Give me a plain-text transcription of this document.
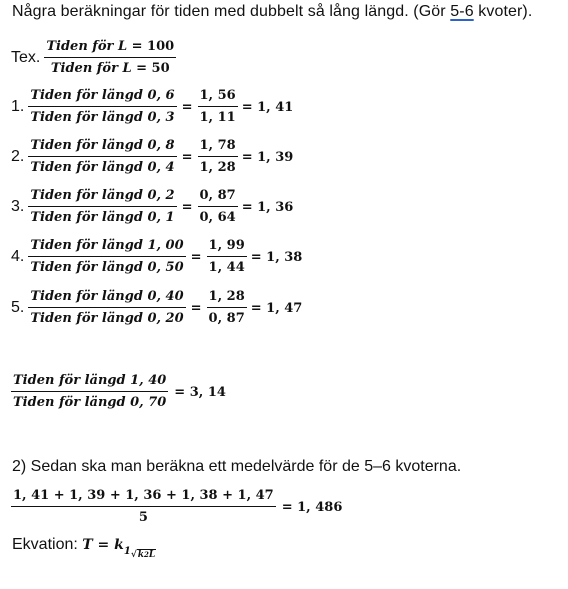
Några beräkningar för tiden med dubbelt så lång längd. (Gör 5-6 kvoter).
Tex. $\frac{\text{Tiden för L = 100}}{\text{Tiden för L = 50}}$
1. $\frac{\text{Tiden för längd 0, 6}}{\text{Tiden för längd 0, 3}} = \frac{1, 56}{1, 11} = 1$, 41
2. $\frac{\text{Tiden för längd 0, 8}}{\text{Tiden för längd 0, 4}} = \frac{1, 78}{1, 28} = 1$, 39
3. $\frac{\text{Tiden för längd 0, 2}}{\text{Tiden för längd 0, 1}} = \frac{0, 87}{0, 64} = 1$, 36
4. $\frac{\text{Tiden för längd 1, 00}}{\text{Tiden för längd 0, 50}} = \frac{1, 99}{1, 44} = 1$, 38
5. $\frac{\text{Tiden för längd 0, 40}}{\text{Tiden för längd 0, 20}} = \frac{1, 28}{0, 87} = 1$, 47
$\frac{\text{Tiden för längd 1, 40}}{\text{Tiden för längd 0, 70}} = 3$, 14
2) Sedan ska man beräkna ett medelvärde för de 5–6 kvoterna.
$\frac{1, 41 + 1, 39 + 1, 36 + 1, 38 + 1, 47}{5} = 1$, 486
Ekvation: $T = k_1√k2L$
